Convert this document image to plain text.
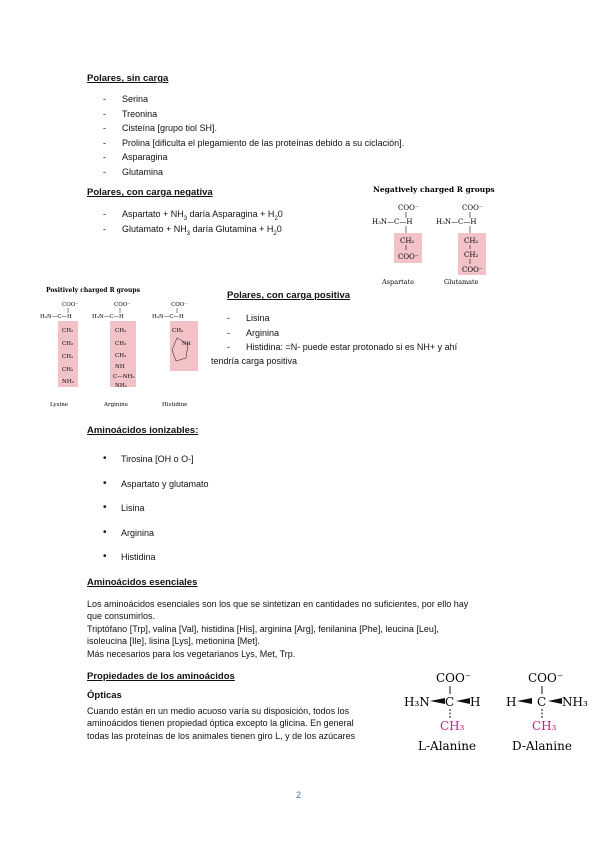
Polares, sin carga
- Serina
- Treonina
- Cisteína [grupo tiol SH].
- Prolina [dificulta el plegamiento de las proteínas debido a su ciclación].
- Asparagina
- Glutamina
Polares, con carga negativa
- Aspartato + $NH_3$ daría Asparagina + $H_20$
- Glutamato + $NH_3$ daría Glutamina + $H_20$
Negatively charged R groups
COO⁻
H₃N—C—H
CH₂
COO⁻
Aspartate
COO⁻
H₃N—C—H
CH₂
CH₂
COO⁻
Glutamate
Positively charged R groups
COO⁻
H₃N—C—H
CH₂
CH₂
CH₂
CH₂
NH₃
Lysine
COO⁻
H₃N—C—H
CH₂
CH₂
CH₂
NH
C—NH₂
NH₂
Arginine
COO⁻
H₃N—C—H
CH₂
NH
Histidine
Polares, con carga positiva
- Lisina
- Arginina
- Histidina: =N- puede estar protonado si es NH+ y ahí
tendría carga positiva
Aminoácidos ionizables:
• Tirosina [OH o O-]
• Aspartato y glutamato
• Lisina
• Arginina
• Histidina
Aminoácidos esenciales
Los aminoácidos esenciales son los que se sintetizan en cantidades no suficientes, por ello hay
que consumirlos.
Triptófano [Trp], valina [Val], histidina [His], arginina [Arg], fenilanina [Phe], leucina [Leu],
isoleucina [Ile], lisina [Lys], metionina [Met].
Más necesarios para los vegetarianos Lys, Met, Trp.
Propiedades de los aminoácidos
Ópticas
Cuando están en un medio acuoso varía su disposición, todos los
aminoácidos tienen propiedad óptica excepto la glicina. En general
todas las proteínas de los animales tienen giro L, y de los azúcares
COO⁻
H₃N C H
CH₃
L-Alanine
COO⁻
H C NH₃
CH₃
D-Alanine
2
